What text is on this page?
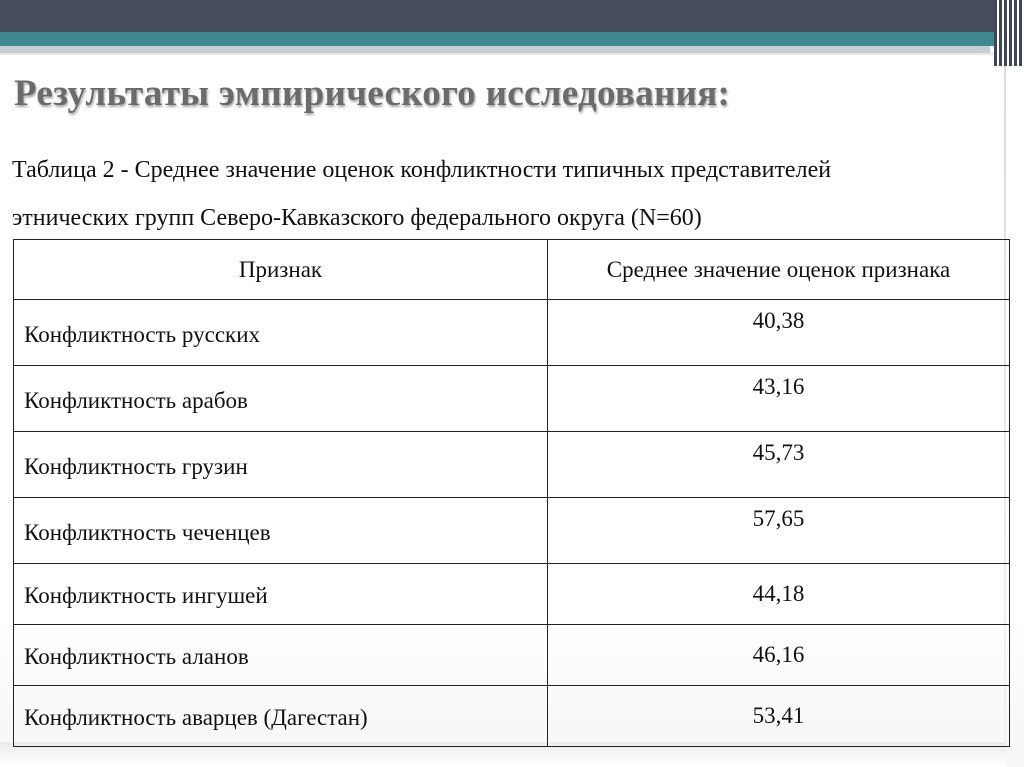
Результаты эмпирического исследования:
Таблица 2 - Среднее значение оценок конфликтности типичных представителей
этнических групп Северо-Кавказского федерального округа (N=60)
Признак	Среднее значение оценок признака
Конфликтность русских	40,38
Конфликтность арабов	43,16
Конфликтность грузин	45,73
Конфликтность чеченцев	57,65
Конфликтность ингушей	44,18
Конфликтность аланов	46,16
Конфликтность аварцев (Дагестан)	53,41
